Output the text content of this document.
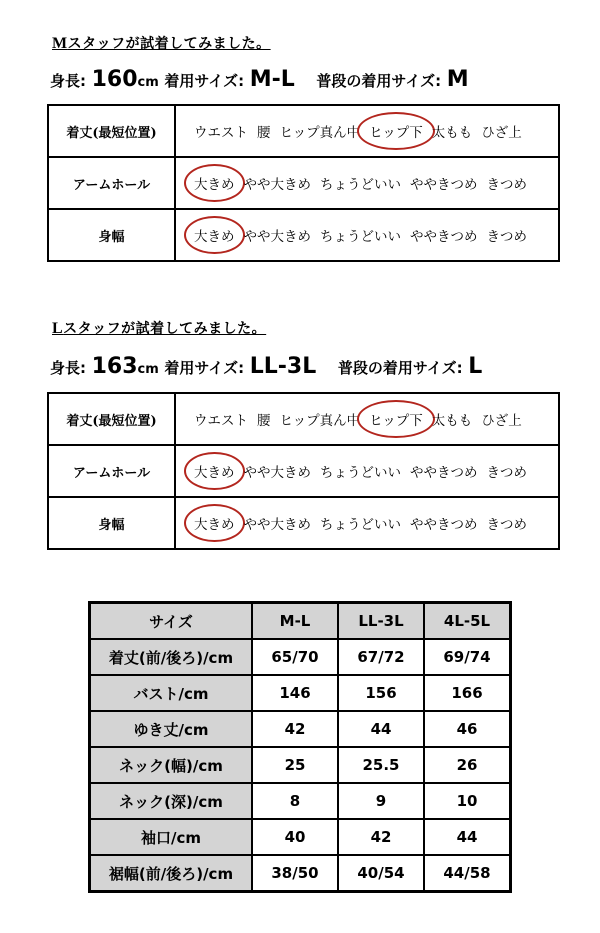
Mスタッフが試着してみました。
身長: 160cm 着用サイズ: M-L 普段の着用サイズ: M
着丈(最短位置)	ウエスト 腰 ヒップ真ん中 ヒップ下 太もも ひざ上
アームホール	大きめ やや大きめ ちょうどいい ややきつめ きつめ
身幅	大きめ やや大きめ ちょうどいい ややきつめ きつめ
Lスタッフが試着してみました。
身長: 163cm 着用サイズ: LL-3L 普段の着用サイズ: L
着丈(最短位置)	ウエスト 腰 ヒップ真ん中 ヒップ下 太もも ひざ上
アームホール	大きめ やや大きめ ちょうどいい ややきつめ きつめ
身幅	大きめ やや大きめ ちょうどいい ややきつめ きつめ
サイズ	M-L	LL-3L	4L-5L
着丈(前/後ろ)/cm	65/70	67/72	69/74
バスト/cm	146	156	166
ゆき丈/cm	42	44	46
ネック(幅)/cm	25	25.5	26
ネック(深)/cm	8	9	10
袖口/cm	40	42	44
裾幅(前/後ろ)/cm	38/50	40/54	44/58
